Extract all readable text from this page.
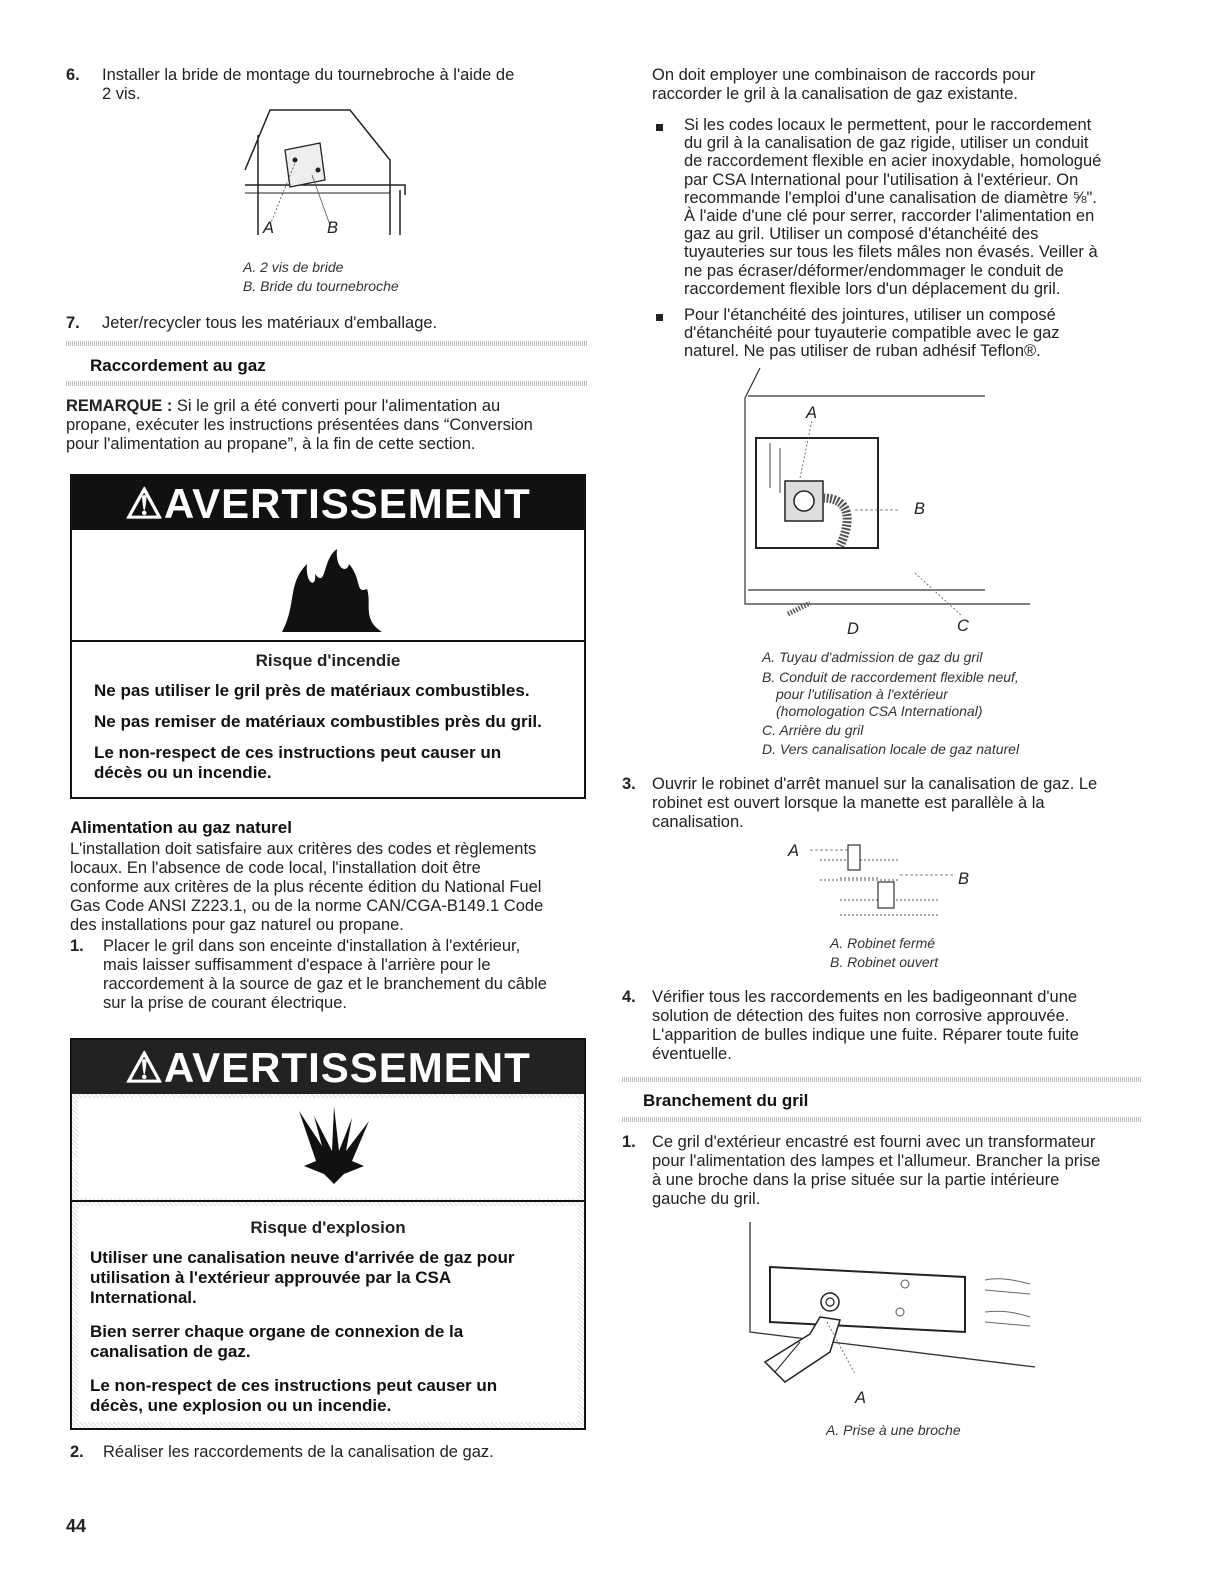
6. Installer la bride de montage du tournebroche à l'aide de
2 vis.
A	B
A. 2 vis de bride
B. Bride du tournebroche
7. Jeter/recycler tous les matériaux d'emballage.
Raccordement au gaz
REMARQUE : Si le gril a été converti pour l'alimentation au
propane, exécuter les instructions présentées dans “Conversion
pour l'alimentation au propane”, à la fin de cette section.
⚠AVERTISSEMENT
Risque d'incendie
Ne pas utiliser le gril près de matériaux combustibles.
Ne pas remiser de matériaux combustibles près du gril.
Le non-respect de ces instructions peut causer un
décès ou un incendie.
Alimentation au gaz naturel
L'installation doit satisfaire aux critères des codes et règlements
locaux. En l'absence de code local, l'installation doit être
conforme aux critères de la plus récente édition du National Fuel
Gas Code ANSI Z223.1, ou de la norme CAN/CGA-B149.1 Code
des installations pour gaz naturel ou propane.
1. Placer le gril dans son enceinte d'installation à l'extérieur,
mais laisser suffisamment d'espace à l'arrière pour le
raccordement à la source de gaz et le branchement du câble
sur la prise de courant électrique.
⚠AVERTISSEMENT
Risque d'explosion
Utiliser une canalisation neuve d'arrivée de gaz pour
utilisation à l'extérieur approuvée par la CSA
International.
Bien serrer chaque organe de connexion de la
canalisation de gaz.
Le non-respect de ces instructions peut causer un
décès, une explosion ou un incendie.
2. Réaliser les raccordements de la canalisation de gaz.
44
On doit employer une combinaison de raccords pour
raccorder le gril à la canalisation de gaz existante.
Si les codes locaux le permettent, pour le raccordement
du gril à la canalisation de gaz rigide, utiliser un conduit
de raccordement flexible en acier inoxydable, homologué
par CSA International pour l'utilisation à l'extérieur. On
recommande l'emploi d'une canalisation de diamètre ⅝".
À l'aide d'une clé pour serrer, raccorder l'alimentation en
gaz au gril. Utiliser un composé d'étanchéité des
tuyauteries sur tous les filets mâles non évasés. Veiller à
ne pas écraser/déformer/endommager le conduit de
raccordement flexible lors d'un déplacement du gril.
Pour l'étanchéité des jointures, utiliser un composé
d'étanchéité pour tuyauterie compatible avec le gaz
naturel. Ne pas utiliser de ruban adhésif Teflon®.
A
B
C
D
A. Tuyau d'admission de gaz du gril
B. Conduit de raccordement flexible neuf,
pour l'utilisation à l'extérieur
(homologation CSA International)
C. Arrière du gril
D. Vers canalisation locale de gaz naturel
3. Ouvrir le robinet d'arrêt manuel sur la canalisation de gaz. Le
robinet est ouvert lorsque la manette est parallèle à la
canalisation.
A
B
A. Robinet fermé
B. Robinet ouvert
4. Vérifier tous les raccordements en les badigeonnant d'une
solution de détection des fuites non corrosive approuvée.
L'apparition de bulles indique une fuite. Réparer toute fuite
éventuelle.
Branchement du gril
1. Ce gril d'extérieur encastré est fourni avec un transformateur
pour l'alimentation des lampes et l'allumeur. Brancher la prise
à une broche dans la prise située sur la partie intérieure
gauche du gril.
A
A. Prise à une broche
